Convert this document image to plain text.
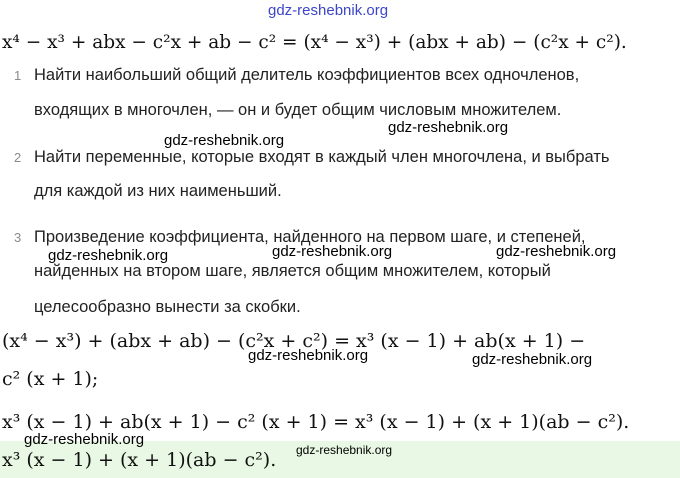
gdz-reshebnik.org
x⁴ − x³ + abx − c²x + ab − c² = (x⁴ − x³) + (abx + ab) − (c²x + c²).
1 Найти наибольший общий делитель коэффициентов всех одночленов,
входящих в многочлен, — он и будет общим числовым множителем.
gdz-reshebnik.org
gdz-reshebnik.org
2 Найти переменные, которые входят в каждый член многочлена, и выбрать
для каждой из них наименьший.
3 Произведение коэффициента, найденного на первом шаге, и степеней,
найденных на втором шаге, является общим множителем, который
целесообразно вынести за скобки.
gdz-reshebnik.org	gdz-reshebnik.org	gdz-reshebnik.org
(x⁴ − x³) + (abx + ab) − (c²x + c²) = x³ (x − 1) + ab(x + 1) −
gdz-reshebnik.org	gdz-reshebnik.org
c² (x + 1);
x³ (x − 1) + ab(x + 1) − c² (x + 1) = x³ (x − 1) + (x + 1)(ab − c²).
gdz-reshebnik.org
x³ (x − 1) + (x + 1)(ab − c²). gdz-reshebnik.org
